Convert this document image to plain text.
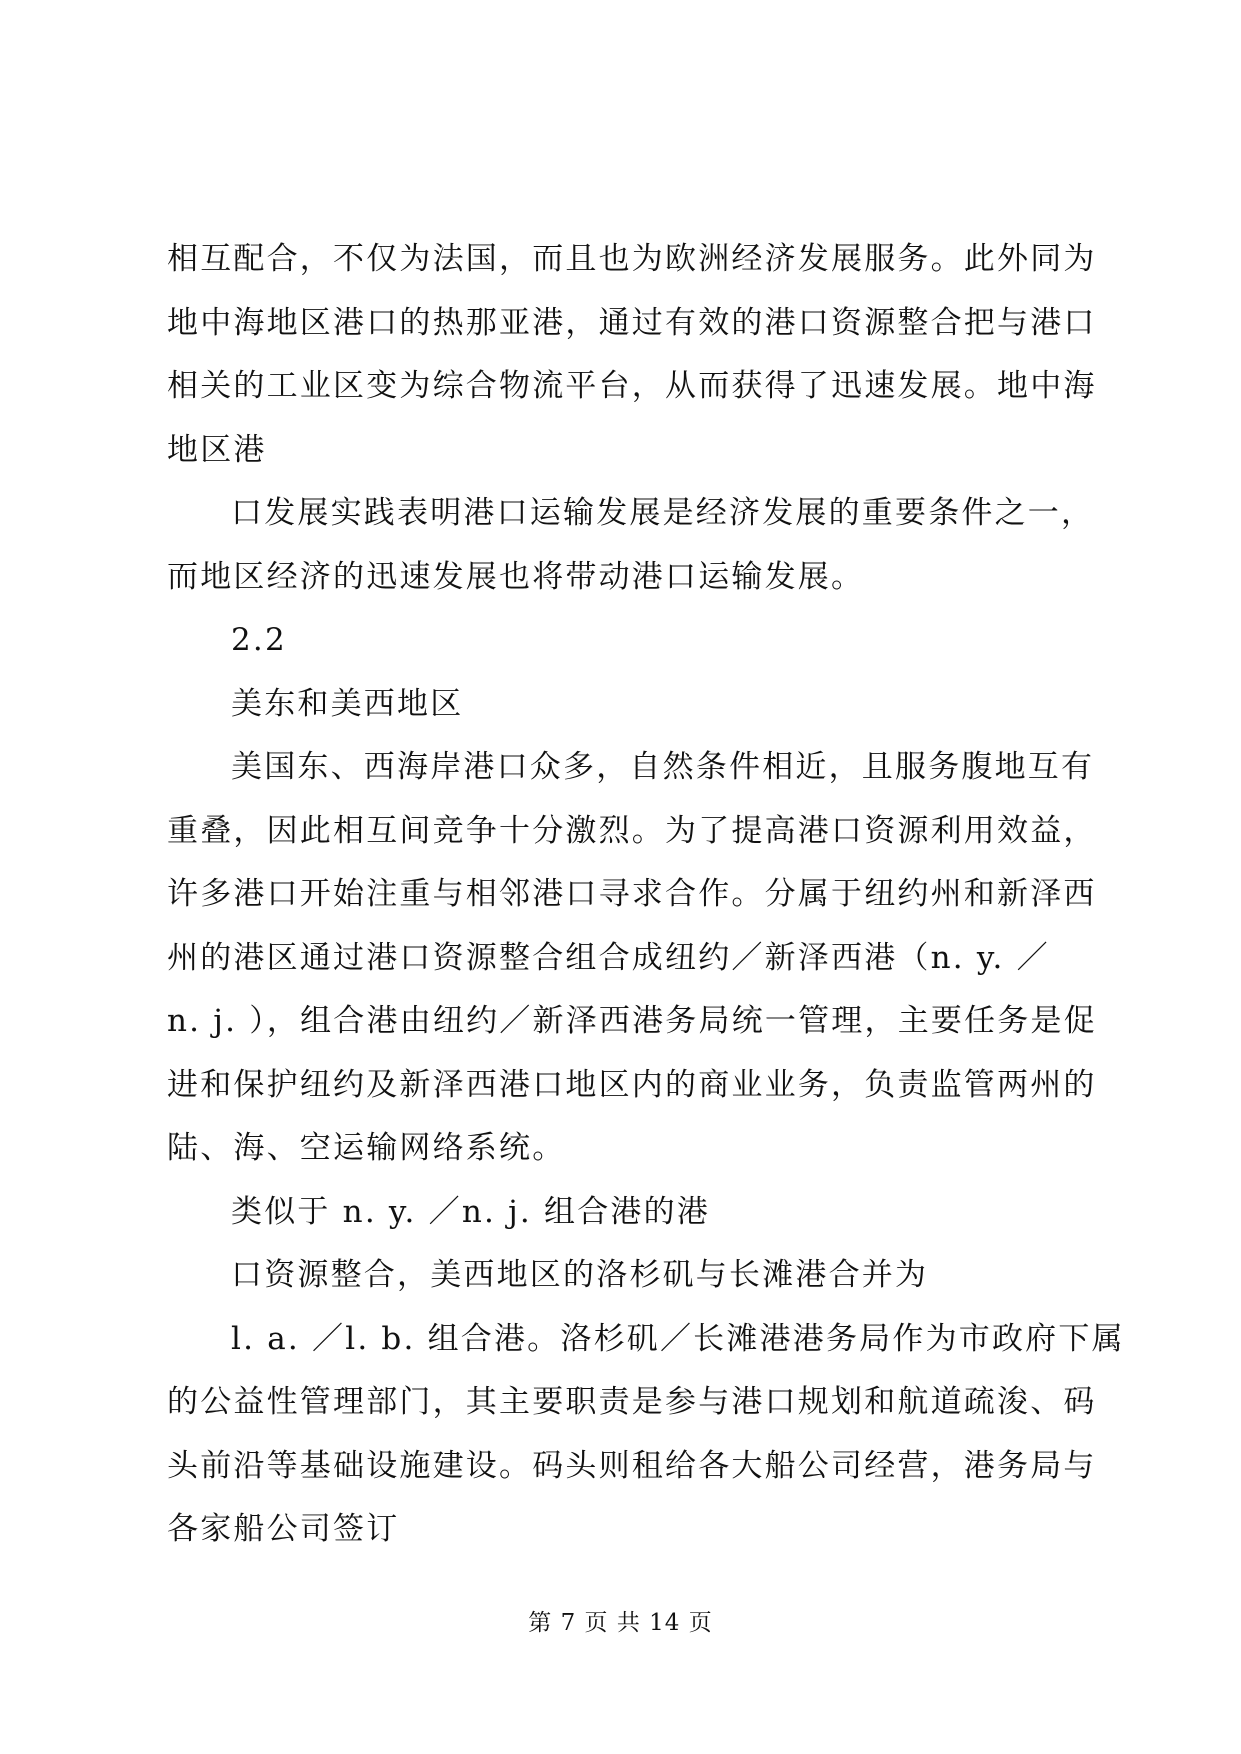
相互配合，不仅为法国，而且也为欧洲经济发展服务。此外同为
地中海地区港口的热那亚港，通过有效的港口资源整合把与港口
相关的工业区变为综合物流平台，从而获得了迅速发展。地中海
地区港
口发展实践表明港口运输发展是经济发展的重要条件之一，
而地区经济的迅速发展也将带动港口运输发展。
2.2
美东和美西地区
美国东、西海岸港口众多，自然条件相近，且服务腹地互有
重叠，因此相互间竞争十分激烈。为了提高港口资源利用效益，
许多港口开始注重与相邻港口寻求合作。分属于纽约州和新泽西
州的港区通过港口资源整合组合成纽约／新泽西港（n. y. ／
n. j. ），组合港由纽约／新泽西港务局统一管理，主要任务是促
进和保护纽约及新泽西港口地区内的商业业务，负责监管两州的
陆、海、空运输网络系统。
类似于 n. y. ／n. j. 组合港的港
口资源整合，美西地区的洛杉矶与长滩港合并为
l. a. ／l. b. 组合港。洛杉矶／长滩港港务局作为市政府下属
的公益性管理部门，其主要职责是参与港口规划和航道疏浚、码
头前沿等基础设施建设。码头则租给各大船公司经营，港务局与
各家船公司签订
第 7 页 共 14 页
